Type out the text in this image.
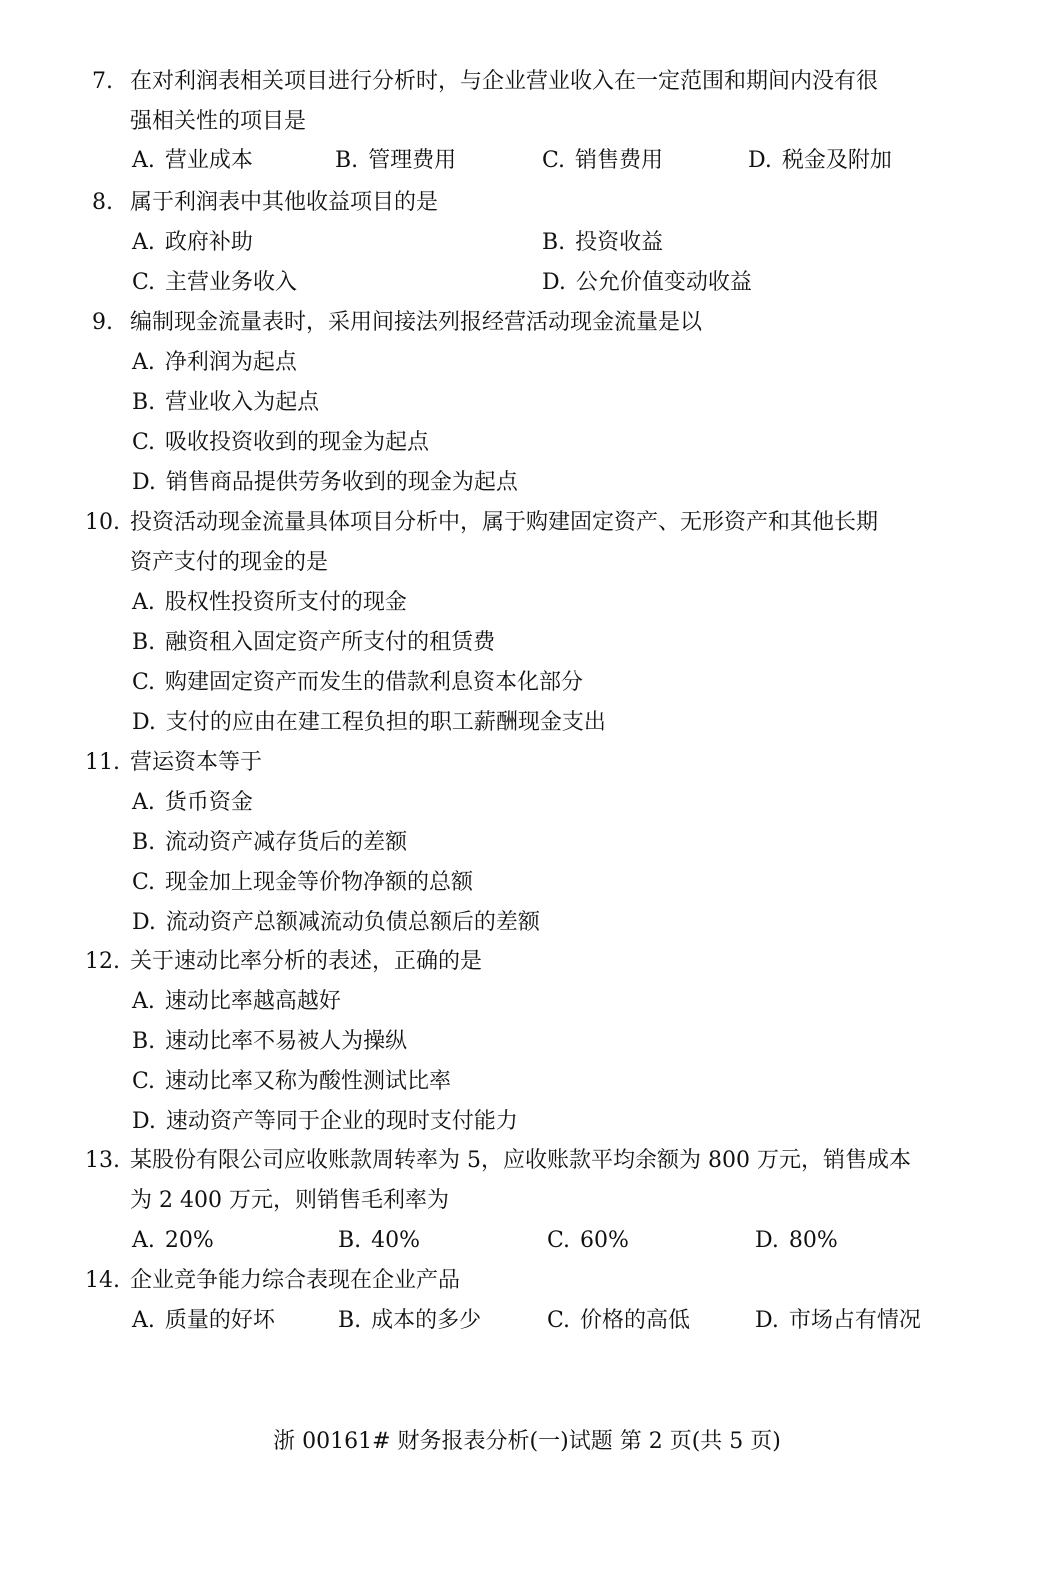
7. 在对利润表相关项目进行分析时，与企业营业收入在一定范围和期间内没有很
强相关性的项目是
A. 营业成本	B. 管理费用	C. 销售费用	D. 税金及附加
8. 属于利润表中其他收益项目的是
A. 政府补助	B. 投资收益
C. 主营业务收入	D. 公允价值变动收益
9. 编制现金流量表时，采用间接法列报经营活动现金流量是以
A. 净利润为起点
B. 营业收入为起点
C. 吸收投资收到的现金为起点
D. 销售商品提供劳务收到的现金为起点
10. 投资活动现金流量具体项目分析中，属于购建固定资产、无形资产和其他长期
资产支付的现金的是
A. 股权性投资所支付的现金
B. 融资租入固定资产所支付的租赁费
C. 购建固定资产而发生的借款利息资本化部分
D. 支付的应由在建工程负担的职工薪酬现金支出
11. 营运资本等于
A. 货币资金
B. 流动资产减存货后的差额
C. 现金加上现金等价物净额的总额
D. 流动资产总额减流动负债总额后的差额
12. 关于速动比率分析的表述，正确的是
A. 速动比率越高越好
B. 速动比率不易被人为操纵
C. 速动比率又称为酸性测试比率
D. 速动资产等同于企业的现时支付能力
13. 某股份有限公司应收账款周转率为 5，应收账款平均余额为 800 万元，销售成本
为 2 400 万元，则销售毛利率为
A. 20%	B. 40%	C. 60%	D. 80%
14. 企业竞争能力综合表现在企业产品
A. 质量的好坏	B. 成本的多少	C. 价格的高低	D. 市场占有情况
浙 00161# 财务报表分析(一)试题 第 2 页(共 5 页)
